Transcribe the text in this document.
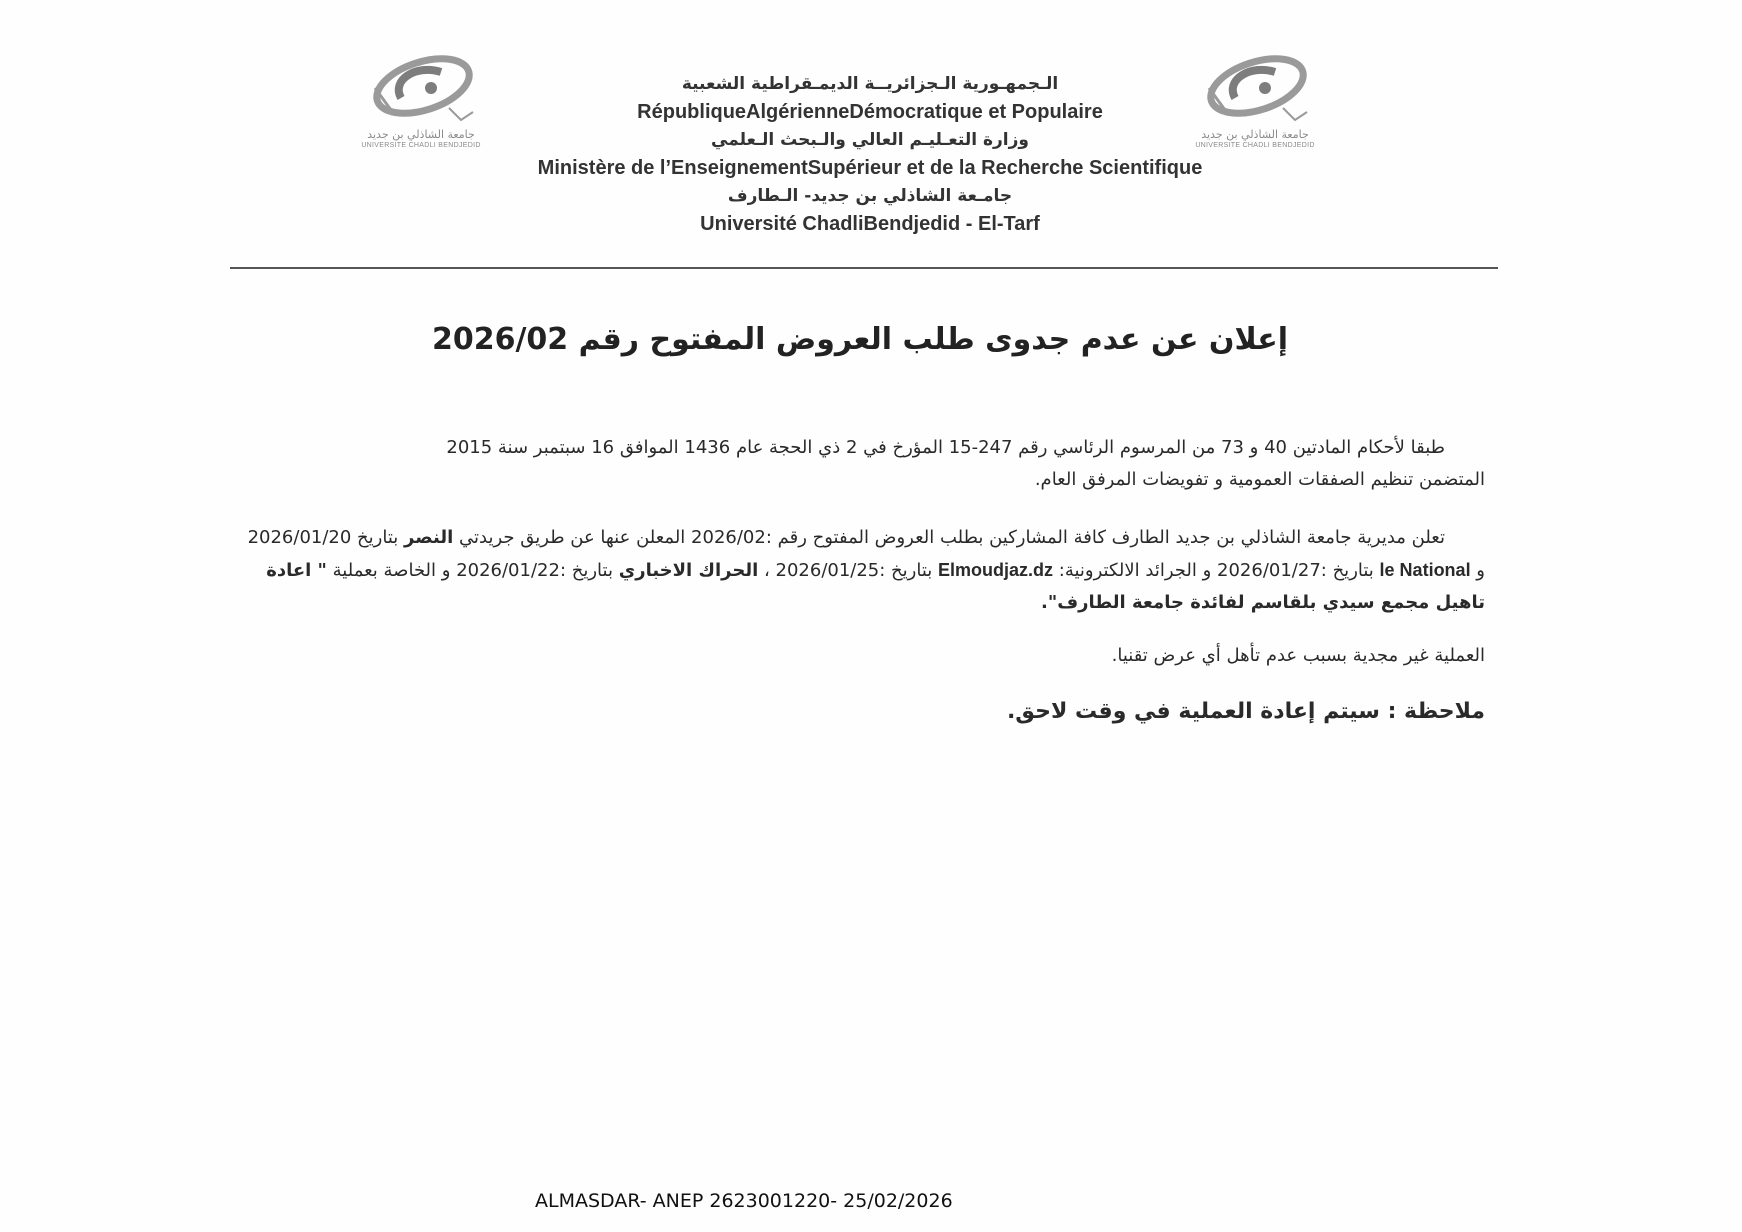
جامعة الشاذلي بن جديد
UNIVERSITE CHADLI BENDJEDID
جامعة الشاذلي بن جديد
UNIVERSITE CHADLI BENDJEDID
الـجمهـورية الـجزائريــة الديمـقراطية الشعبية
RépubliqueAlgérienneDémocratique et Populaire
وزارة التعـليـم العالي والـبحث الـعلمي
Ministère de l’EnseignementSupérieur et de la Recherche Scientifique
جامـعة الشاذلي بن جديد- الـطارف
Université ChadliBendjedid - El-Tarf
إعلان عن عدم جدوى طلب العروض المفتوح رقم 2026/02
طبقا لأحكام المادتين 40 و 73 من المرسوم الرئاسي رقم 247-15 المؤرخ في 2 ذي الحجة عام 1436 الموافق 16 سبتمبر سنة 2015
المتضمن تنظيم الصفقات العمومية و تفويضات المرفق العام.
تعلن مديرية جامعة الشاذلي بن جديد الطارف كافة المشاركين بطلب العروض المفتوح رقم :2026/02 المعلن عنها عن طريق جريدتي النصر بتاريخ 2026/01/20 و le National بتاريخ :2026/01/27 و الجرائد الالكترونية: Elmoudjaz.dz بتاريخ :2026/01/25 ، الحراك الاخباري بتاريخ :2026/01/22 و الخاصة بعملية " اعادة تاهيل مجمع سيدي بلقاسم لفائدة جامعة الطارف".
العملية غير مجدية بسبب عدم تأهل أي عرض تقنيا.
ملاحظة : سيتم إعادة العملية في وقت لاحق.
ALMASDAR- ANEP 2623001220- 25/02/2026
